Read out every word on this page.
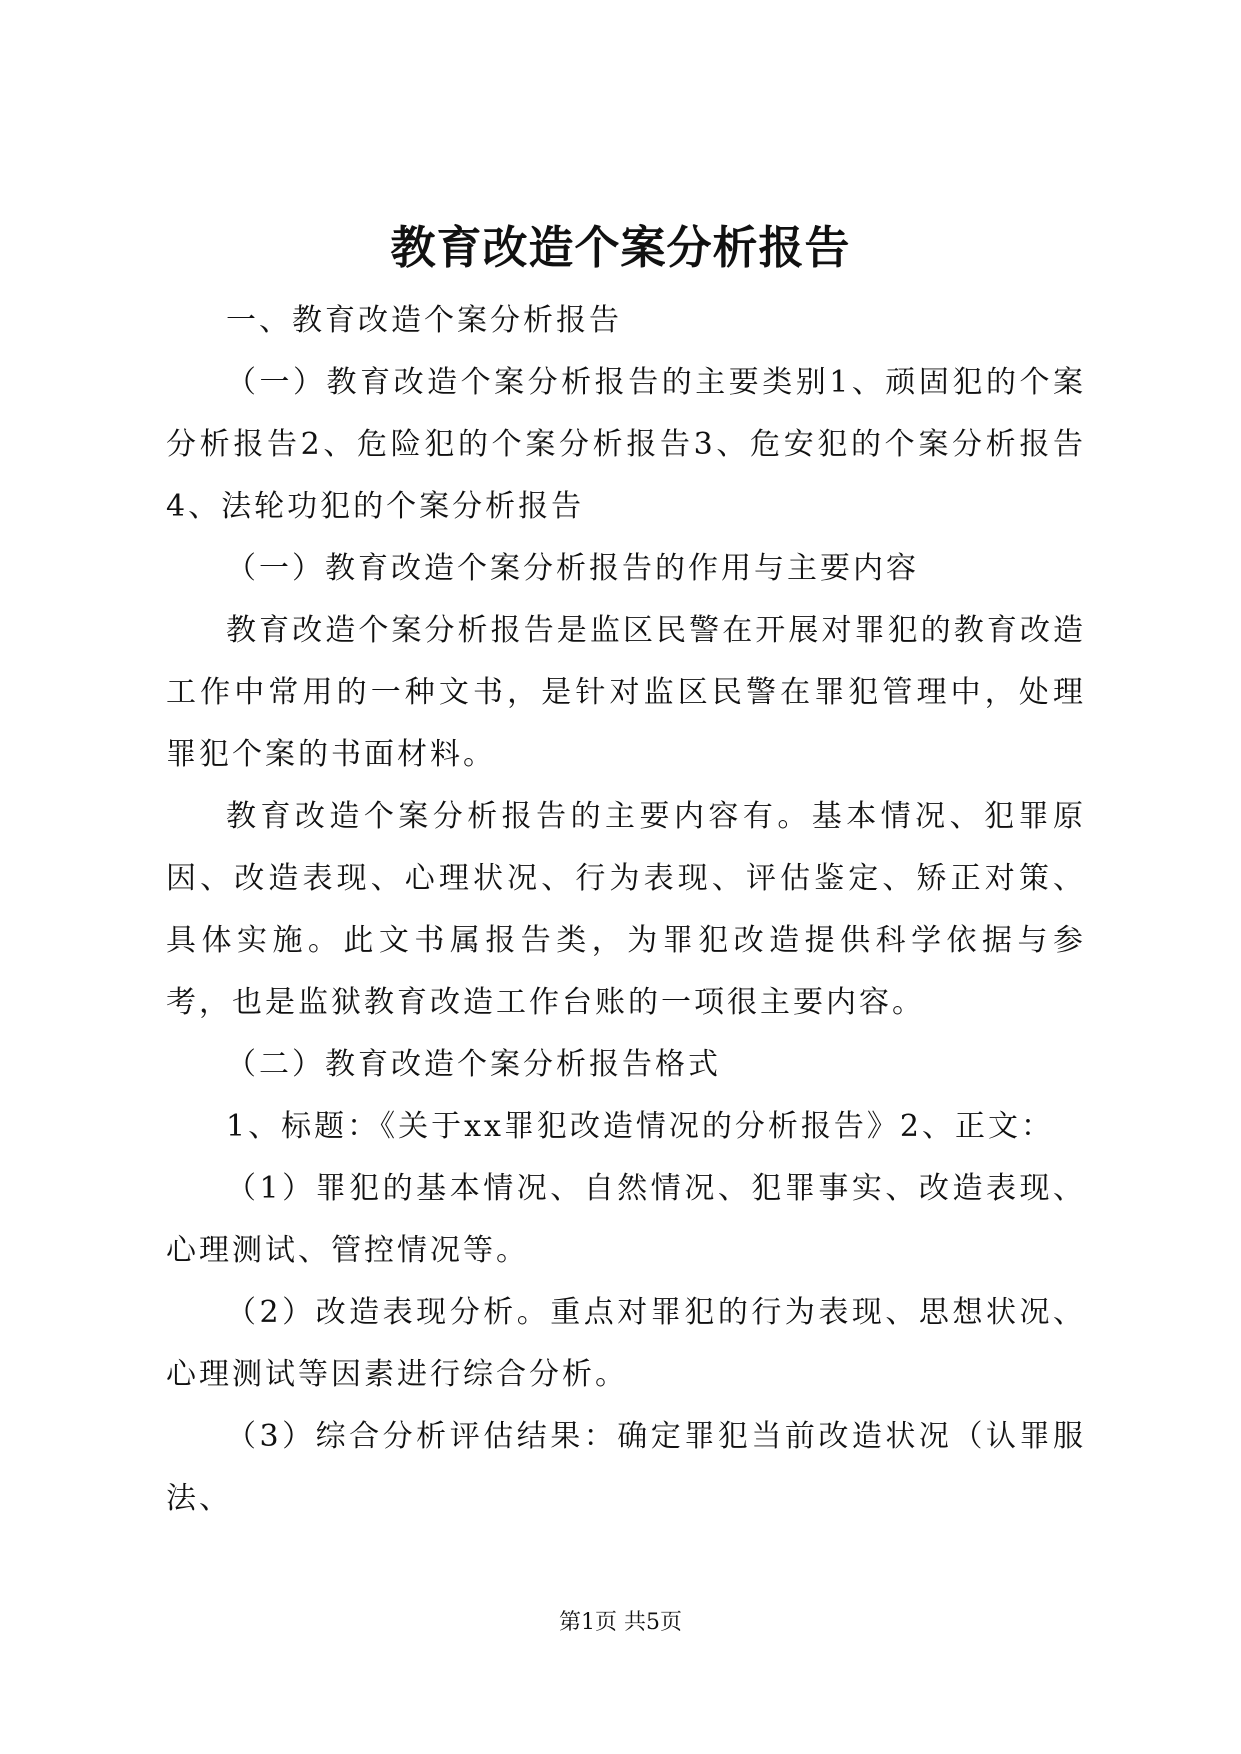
教育改造个案分析报告

一、教育改造个案分析报告

（一）教育改造个案分析报告的主要类别1、顽固犯的个案分析报告2、危险犯的个案分析报告3、危安犯的个案分析报告4、法轮功犯的个案分析报告

（一）教育改造个案分析报告的作用与主要内容

教育改造个案分析报告是监区民警在开展对罪犯的教育改造工作中常用的一种文书，是针对监区民警在罪犯管理中，处理罪犯个案的书面材料。

教育改造个案分析报告的主要内容有。基本情况、犯罪原因、改造表现、心理状况、行为表现、评估鉴定、矫正对策、具体实施。此文书属报告类，为罪犯改造提供科学依据与参考，也是监狱教育改造工作台账的一项很主要内容。

（二）教育改造个案分析报告格式

1、标题：《关于xx罪犯改造情况的分析报告》2、正文：

（1）罪犯的基本情况、自然情况、犯罪事实、改造表现、心理测试、管控情况等。

（2）改造表现分析。重点对罪犯的行为表现、思想状况、心理测试等因素进行综合分析。

（3）综合分析评估结果：确定罪犯当前改造状况（认罪服法、

第1页 共5页
